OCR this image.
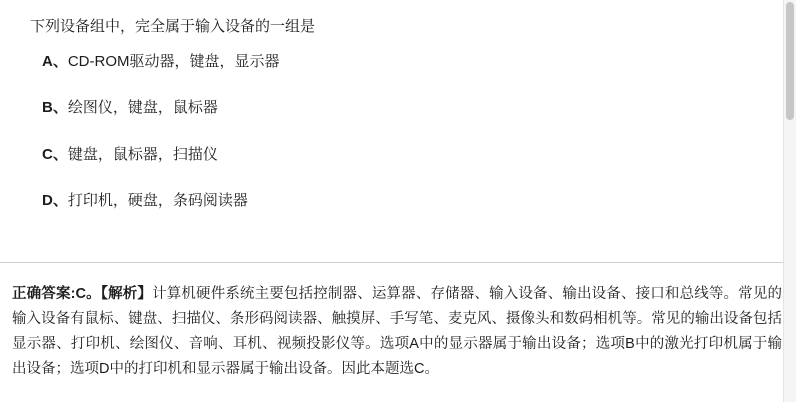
下列设备组中，完全属于输入设备的一组是

A、CD-ROM驱动器，键盘，显示器
B、绘图仪，键盘，鼠标器
C、键盘，鼠标器，扫描仪
D、打印机，硬盘，条码阅读器

正确答案:C。【解析】计算机硬件系统主要包括控制器、运算器、存储器、输入设备、输出设备、接口和总线等。常见的输入设备有鼠标、键盘、扫描仪、条形码阅读器、触摸屏、手写笔、麦克风、摄像头和数码相机等。常见的输出设备包括显示器、打印机、绘图仪、音响、耳机、视频投影仪等。选项A中的显示器属于输出设备；选项B中的激光打印机属于输出设备；选项D中的打印机和显示器属于输出设备。因此本题选C。
